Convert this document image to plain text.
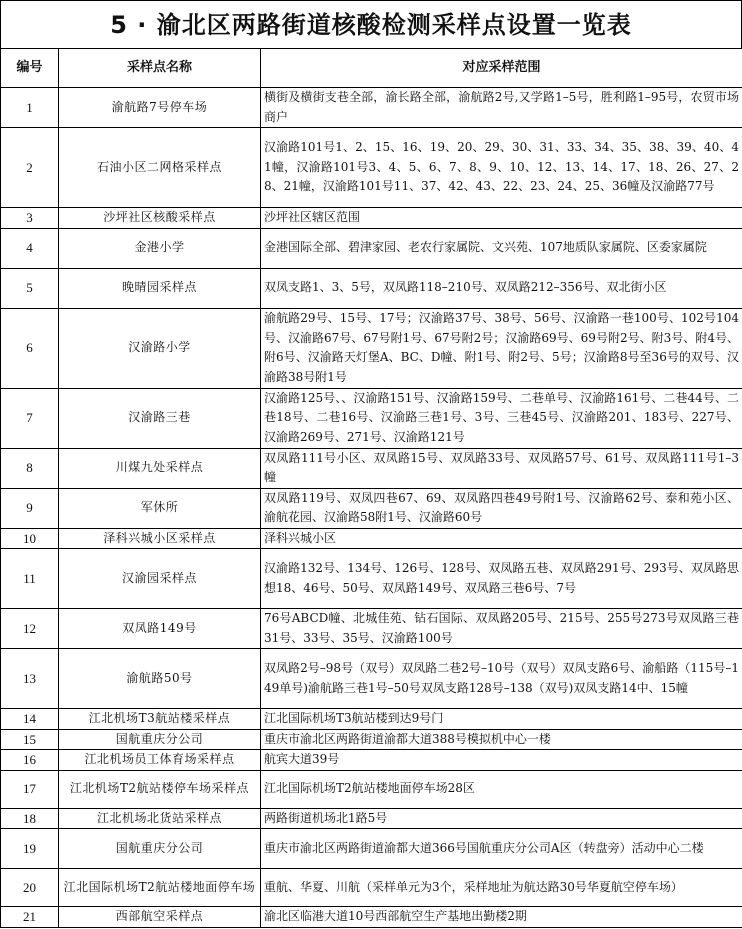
5 · 渝北区两路街道核酸检测采样点设置一览表
编号	采样点名称	对应采样范围
1	渝航路7号停车场	横街及横街支巷全部，渝长路全部，渝航路2号,又学路1–5号，胜利路1–95号，农贸市场商户
2	石油小区二网格采样点	汉渝路101号1、2、15、16、19、20、29、30、31、33、34、35、38、39、40、41幢，汉渝路101号3、4、5、6、7、8、9、10、12、13、14、17、18、26、27、28、21幢，汉渝路101号11、37、42、43、22、23、24、25、36幢及汉渝路77号
3	沙坪社区核酸采样点	沙坪社区辖区范围
4	金港小学	金港国际全部、碧津家园、老农行家属院、文兴苑、107地质队家属院、区委家属院
5	晚晴园采样点	双凤支路1、3、5号，双凤路118–210号、双凤路212–356号、双北街小区
6	汉渝路小学	渝航路29号、15号、17号；汉渝路37号、38号、56号、汉渝路一巷100号、102号104号、汉渝路67号、67号附1号、67号附2号；汉渝路69号、69号附2号、附3号、附4号、附6号、汉渝路天灯堡A、BC、D幢、附1号、附2号、5号；汉渝路8号至36号的双号、汉渝路38号附1号
7	汉渝路三巷	汉渝路125号、、汉渝路151号、汉渝路159号、二巷单号、汉渝路161号、二巷44号、二巷18号、二巷16号、汉渝路三巷1号、3号、三巷45号、汉渝路201、183号、227号、汉渝路269号、271号、汉渝路121号
8	川煤九处采样点	双凤路111号小区、双凤路15号、双凤路33号、双凤路57号、61号、双凤路111号1–3幢
9	军休所	双凤路119号、双凤四巷67、69、双凤路四巷49号附1号、汉渝路62号、泰和苑小区、渝航花园、汉渝路58附1号、汉渝路60号
10	泽科兴城小区采样点	泽科兴城小区
11	汉渝园采样点	汉渝路132号、134号、126号、128号、双凤路五巷、双凤路291号、293号、双凤路思想18、46号、50号、双凤路149号、双凤路三巷6号、7号
12	双凤路149号	76号ABCD幢、北城佳苑、钻石国际、双凤路205号、215号、255号273号双凤路三巷31号、33号、35号、汉渝路100号
13	渝航路50号	双凤路2号–98号（双号）双凤路二巷2号–10号（双号）双凤支路6号、渝船路（115号–149单号)渝航路三巷1号–50号双凤支路128号–138（双号)双凤支路14中、15幢
14	江北机场T3航站楼采样点	江北国际机场T3航站楼到达9号门
15	国航重庆分公司	重庆市渝北区两路街道渝都大道388号模拟机中心一楼
16	江北机场员工体育场采样点	航宾大道39号
17	江北机场T2航站楼停车场采样点	江北国际机场T2航站楼地面停车场28区
18	江北机场北货站采样点	两路街道机场北1路5号
19	国航重庆分公司	重庆市渝北区两路街道渝都大道366号国航重庆分公司A区（转盘旁）活动中心二楼
20	江北国际机场T2航站楼地面停车场	重航、华夏、川航（采样单元为3个，采样地址为航达路30号华夏航空停车场）
21	西部航空采样点	渝北区临港大道10号西部航空生产基地出勤楼2期
